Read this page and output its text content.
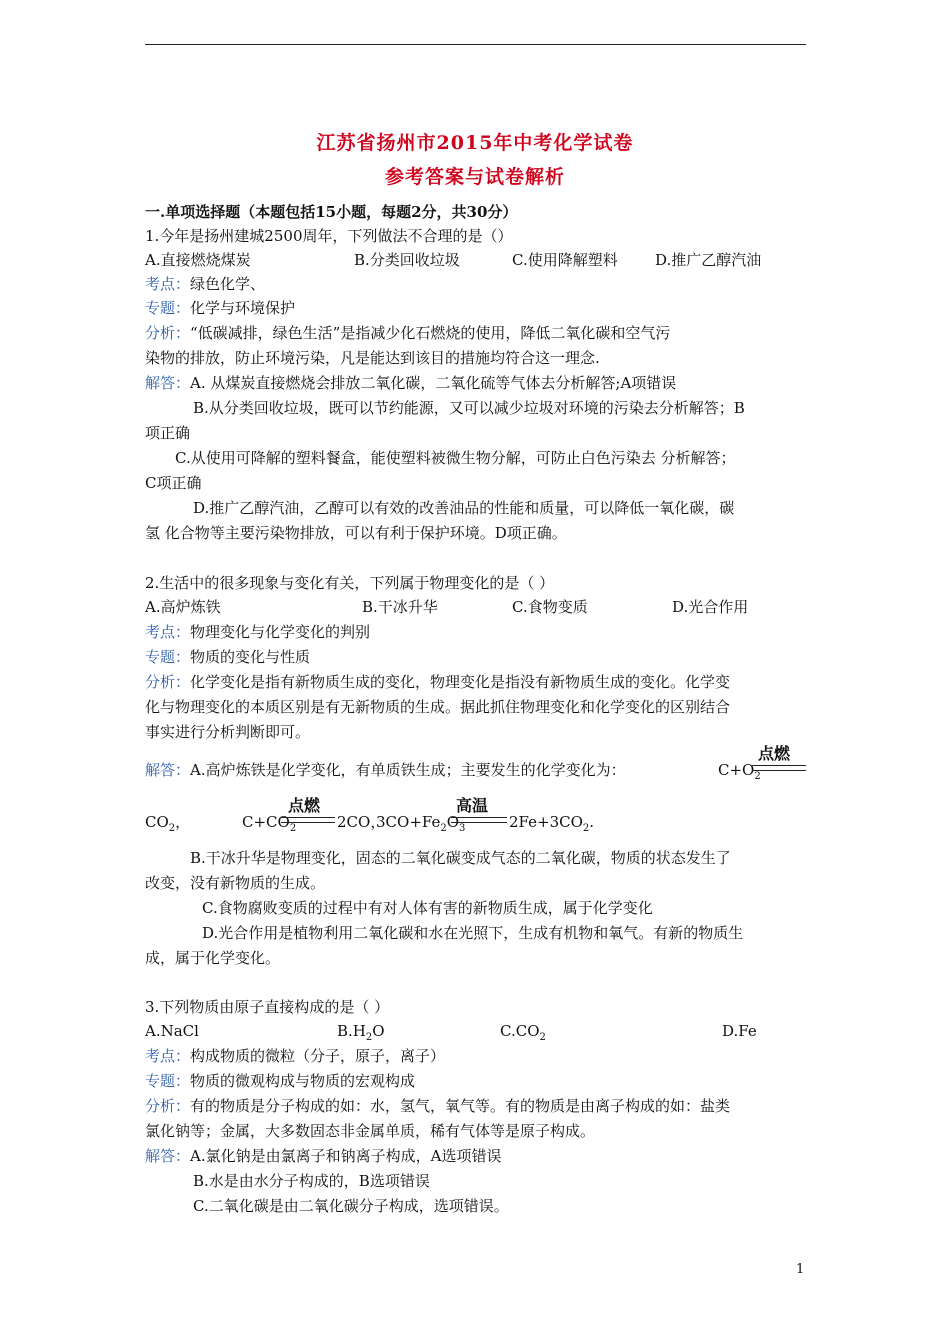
江苏省扬州市2015年中考化学试卷
参考答案与试卷解析
一.单项选择题（本题包括15小题，每题2分，共30分）
1.今年是扬州建城2500周年，下列做法不合理的是（）
A.直接燃烧煤炭	B.分类回收垃圾	C.使用降解塑料 D.推广乙醇汽油
考点：绿色化学、
专题：化学与环境保护
分析：“低碳减排，绿色生活”是指减少化石燃烧的使用，降低二氧化碳和空气污
染物的排放，防止环境污染，凡是能达到该目的措施均符合这一理念.
解答：A. 从煤炭直接燃烧会排放二氧化碳，二氧化硫等气体去分析解答;A项错误
B.从分类回收垃圾，既可以节约能源，又可以减少垃圾对环境的污染去分析解答；B
项正确
C.从使用可降解的塑料餐盒，能使塑料被微生物分解，可防止白色污染去 分析解答；
C项正确
D.推广乙醇汽油，乙醇可以有效的改善油品的性能和质量，可以降低一氧化碳，碳
氢 化合物等主要污染物排放，可以有利于保护环境。D项正确。
2.生活中的很多现象与变化有关，下列属于物理变化的是（ ）
A.高炉炼铁	B.干冰升华	C.食物变质	D.光合作用
考点：物理变化与化学变化的判别
专题：物质的变化与性质
分析：化学变化是指有新物质生成的变化，物理变化是指没有新物质生成的变化。化学变
化与物理变化的本质区别是有无新物质的生成。据此抓住物理变化和化学变化的区别结合
事实进行分析判断即可。
解答：A.高炉炼铁是化学变化，有单质铁生成；主要发生的化学变化为：	$C+O_2$
点燃
$CO_2$，	$C+CO_2$
点燃
2CO，
$3CO+Fe_2O_3$
高温
$2Fe+3CO_2$.
B.干冰升华是物理变化，固态的二氧化碳变成气态的二氧化碳，物质的状态发生了
改变，没有新物质的生成。
C.食物腐败变质的过程中有对人体有害的新物质生成，属于化学变化
D.光合作用是植物利用二氧化碳和水在光照下，生成有机物和氧气。有新的物质生
成，属于化学变化。
3.下列物质由原子直接构成的是（ ）
A.NaCl	$B.H_2O$	$C.CO_2$	D.Fe
考点：构成物质的微粒（分子，原子，离子）
专题：物质的微观构成与物质的宏观构成
分析：有的物质是分子构成的如：水，氢气，氧气等。有的物质是由离子构成的如：盐类
氯化钠等；金属，大多数固态非金属单质，稀有气体等是原子构成。
解答：A.氯化钠是由氯离子和钠离子构成，A选项错误
B.水是由水分子构成的，B选项错误
C.二氧化碳是由二氧化碳分子构成，选项错误。
1
